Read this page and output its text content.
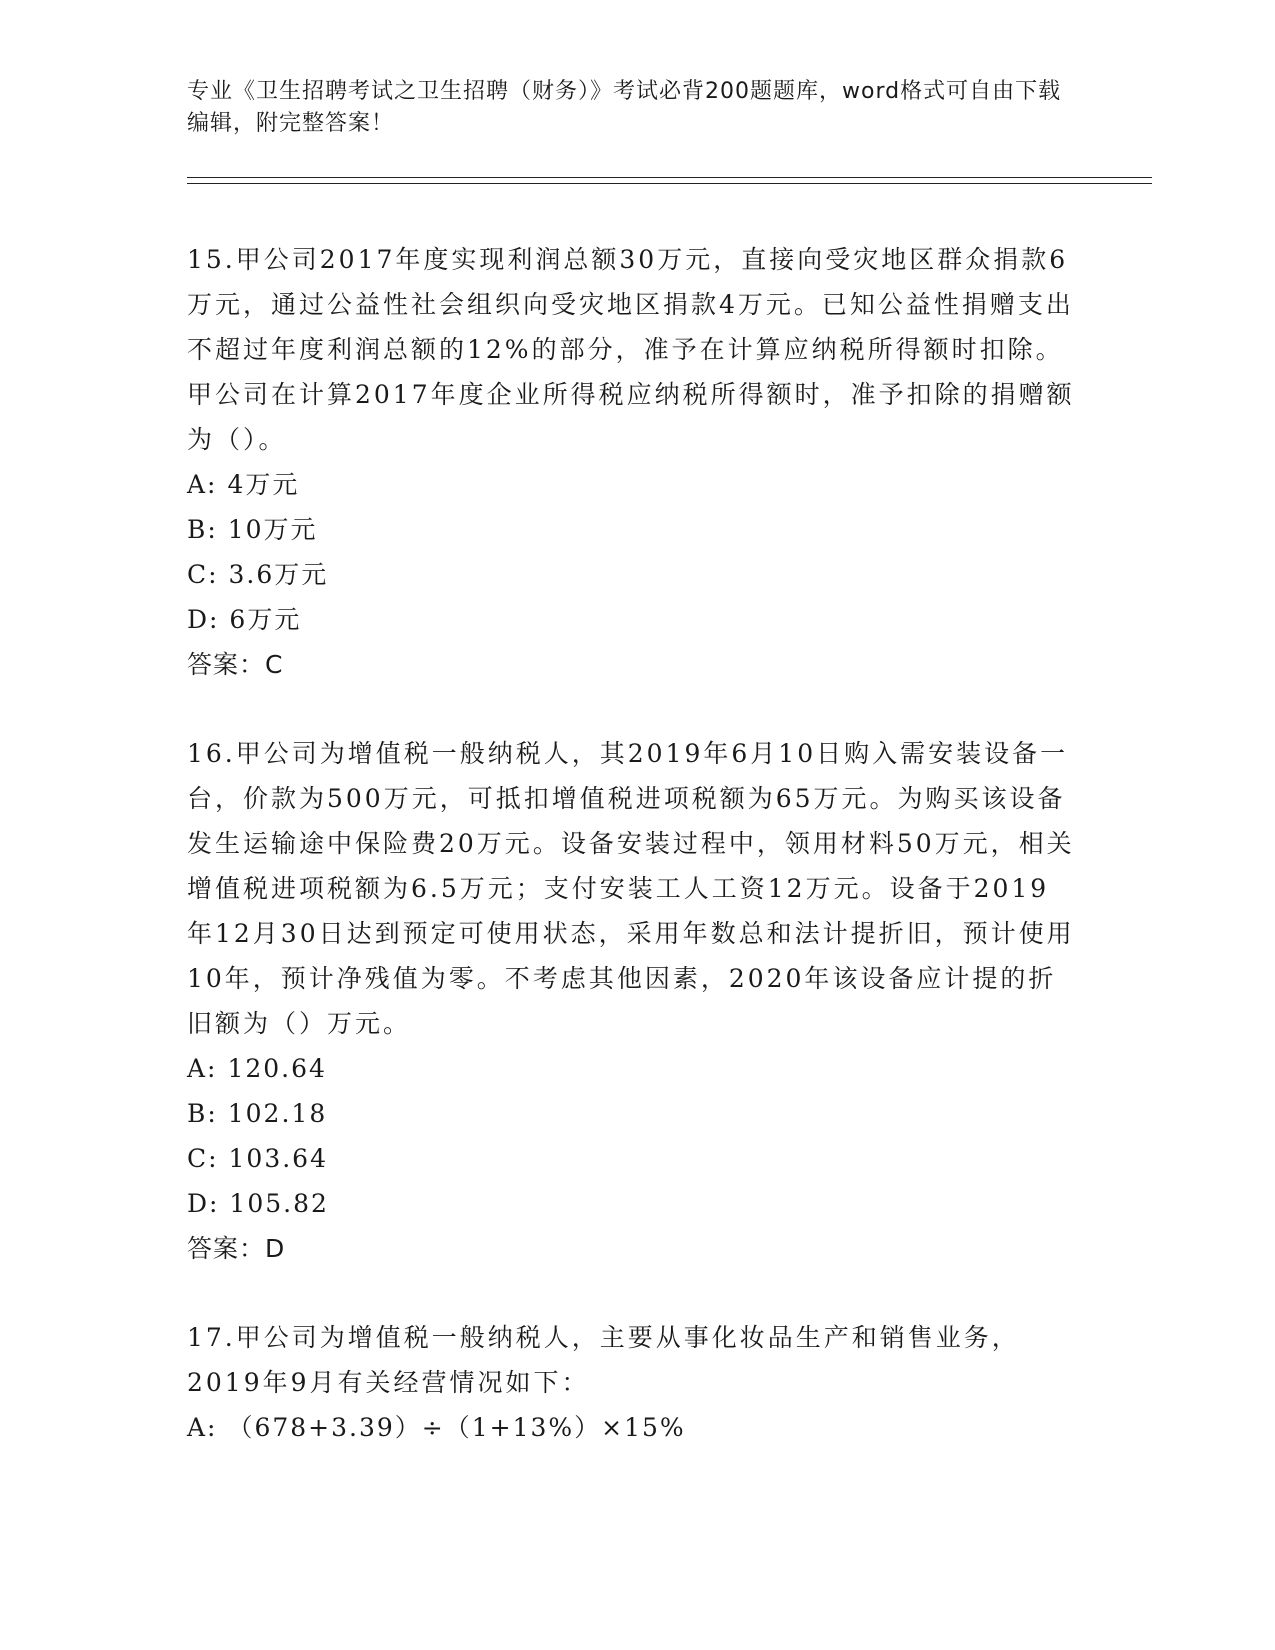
专业《卫生招聘考试之卫生招聘（财务）》考试必背200题题库，word格式可自由下载编辑，附完整答案！

15.甲公司2017年度实现利润总额30万元，直接向受灾地区群众捐款6万元，通过公益性社会组织向受灾地区捐款4万元。已知公益性捐赠支出不超过年度利润总额的12%的部分，准予在计算应纳税所得额时扣除。甲公司在计算2017年度企业所得税应纳税所得额时，准予扣除的捐赠额为（）。

A: 4万元
B: 10万元
C: 3.6万元
D: 6万元
答案：C

16.甲公司为增值税一般纳税人，其2019年6月10日购入需安装设备一台，价款为500万元，可抵扣增值税进项税额为65万元。为购买该设备发生运输途中保险费20万元。设备安装过程中，领用材料50万元，相关增值税进项税额为6.5万元；支付安装工人工资12万元。设备于2019年12月30日达到预定可使用状态，采用年数总和法计提折旧，预计使用10年，预计净残值为零。不考虑其他因素，2020年该设备应计提的折旧额为（）万元。

A: 120.64
B: 102.18
C: 103.64
D: 105.82
答案：D

17.甲公司为增值税一般纳税人，主要从事化妆品生产和销售业务，2019年9月有关经营情况如下：

A: （678+3.39）÷（1+13%）×15%
